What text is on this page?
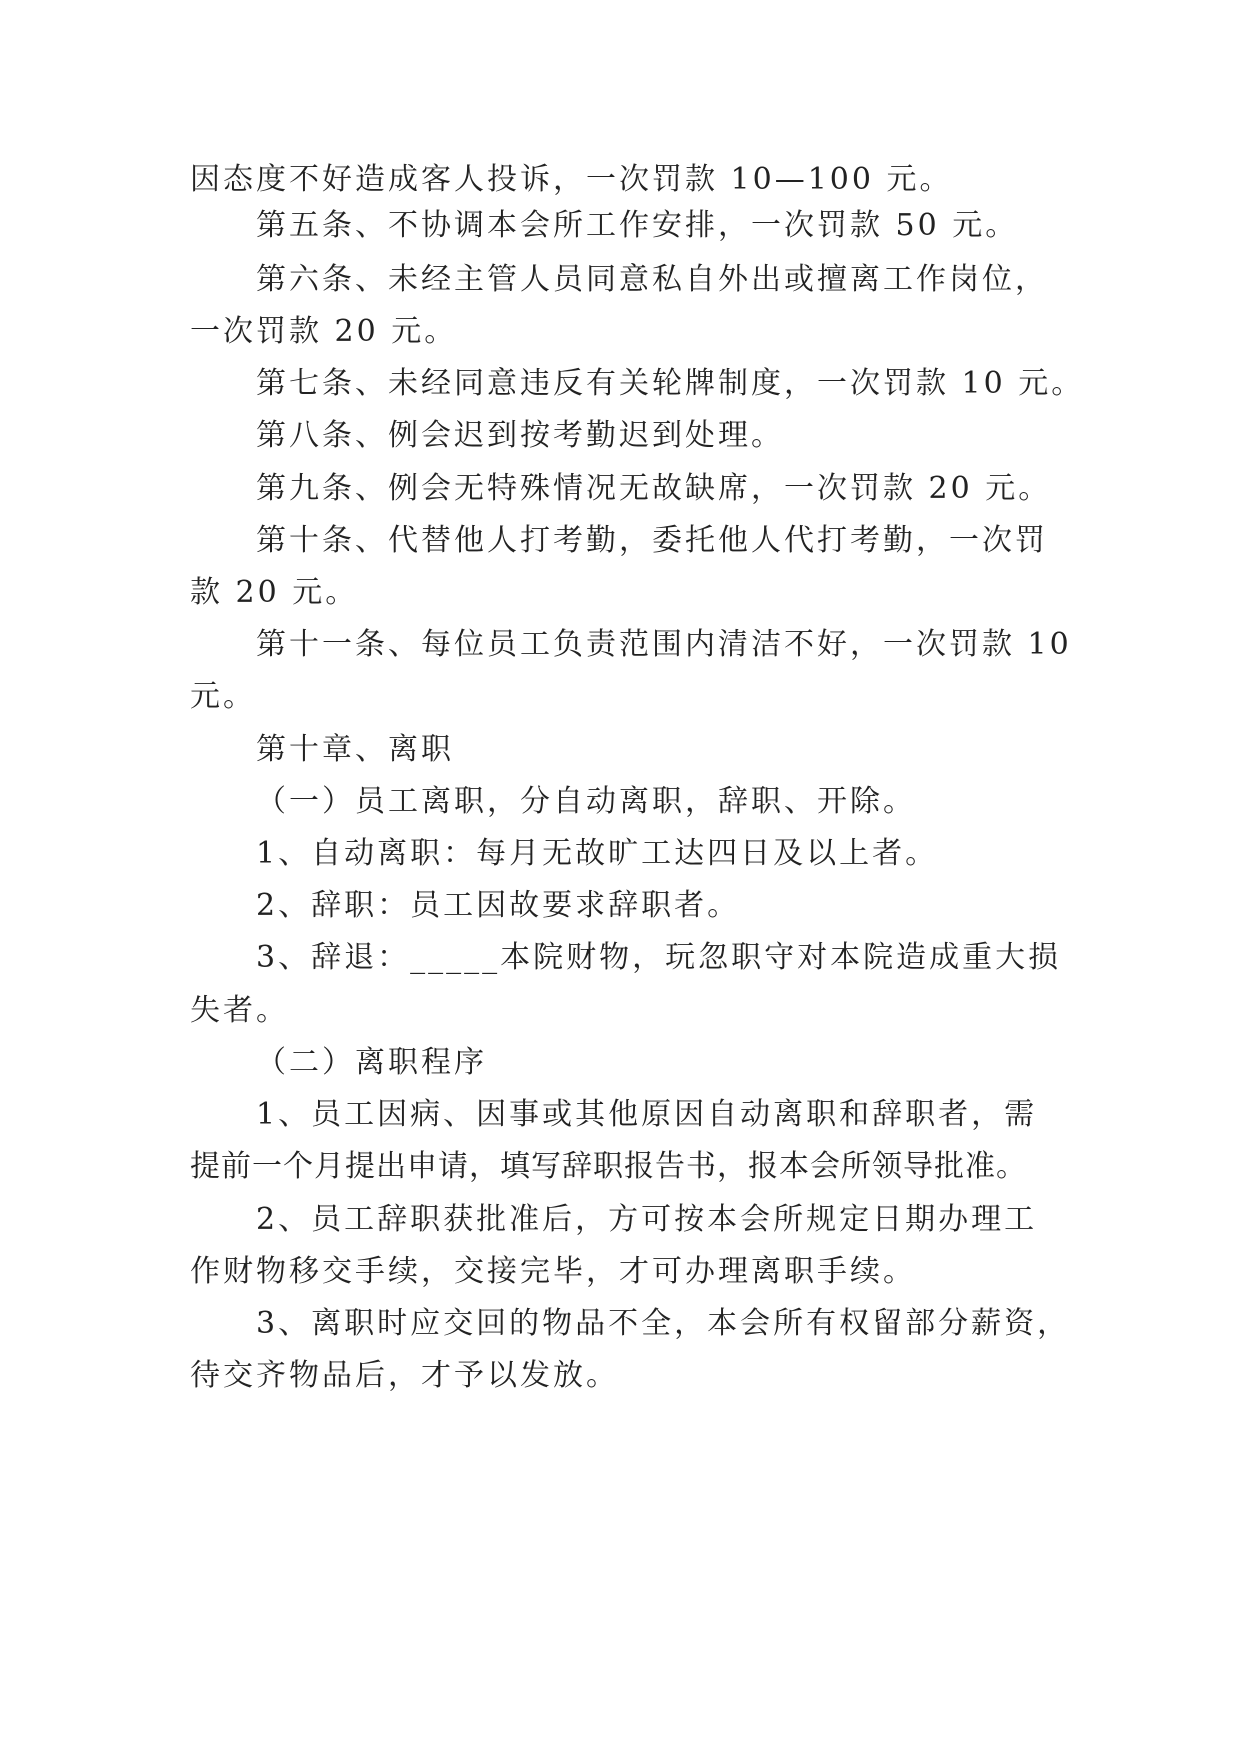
因态度不好造成客人投诉，一次罚款 10—100 元。
第五条、不协调本会所工作安排，一次罚款 50 元。
第六条、未经主管人员同意私自外出或擅离工作岗位，
一次罚款 20 元。
第七条、未经同意违反有关轮牌制度，一次罚款 10 元。
第八条、例会迟到按考勤迟到处理。
第九条、例会无特殊情况无故缺席，一次罚款 20 元。
第十条、代替他人打考勤，委托他人代打考勤，一次罚
款 20 元。
第十一条、每位员工负责范围内清洁不好，一次罚款 10
元。
第十章、离职
（一）员工离职，分自动离职，辞职、开除。
1、自动离职：每月无故旷工达四日及以上者。
2、辞职：员工因故要求辞职者。
3、辞退：_____本院财物，玩忽职守对本院造成重大损
失者。
（二）离职程序
1、员工因病、因事或其他原因自动离职和辞职者，需
提前一个月提出申请，填写辞职报告书，报本会所领导批准。
2、员工辞职获批准后，方可按本会所规定日期办理工
作财物移交手续，交接完毕，才可办理离职手续。
3、离职时应交回的物品不全，本会所有权留部分薪资，
待交齐物品后，才予以发放。
